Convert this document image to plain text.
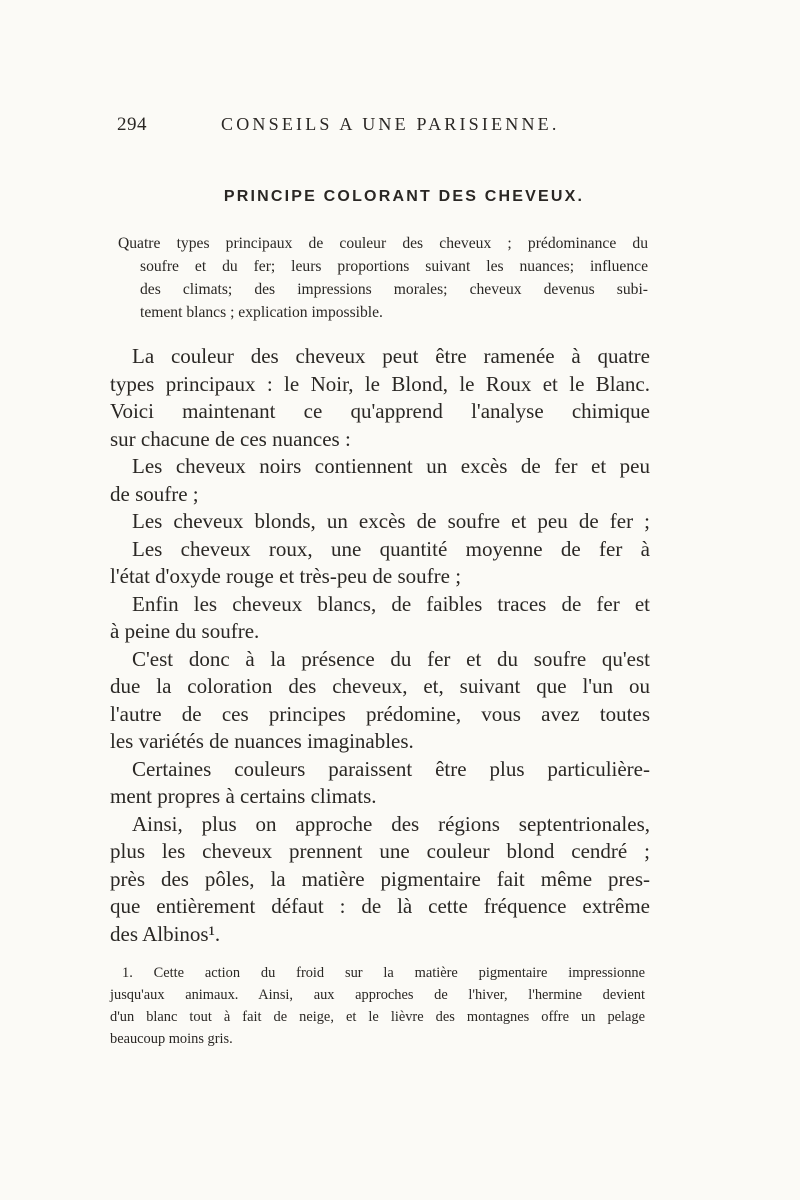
294	CONSEILS A UNE PARISIENNE.
PRINCIPE COLORANT DES CHEVEUX.
Quatre types principaux de couleur des cheveux ; prédominance du
soufre et du fer; leurs proportions suivant les nuances; influence
des climats; des impressions morales; cheveux devenus subi-
tement blancs ; explication impossible.
La couleur des cheveux peut être ramenée à quatre
types principaux : le Noir, le Blond, le Roux et le Blanc.
Voici maintenant ce qu'apprend l'analyse chimique
sur chacune de ces nuances :
Les cheveux noirs contiennent un excès de fer et peu
de soufre ;
Les cheveux blonds, un excès de soufre et peu de fer ;
Les cheveux roux, une quantité moyenne de fer à
l'état d'oxyde rouge et très-peu de soufre ;
Enfin les cheveux blancs, de faibles traces de fer et
à peine du soufre.
C'est donc à la présence du fer et du soufre qu'est
due la coloration des cheveux, et, suivant que l'un ou
l'autre de ces principes prédomine, vous avez toutes
les variétés de nuances imaginables.
Certaines couleurs paraissent être plus particulière-
ment propres à certains climats.
Ainsi, plus on approche des régions septentrionales,
plus les cheveux prennent une couleur blond cendré ;
près des pôles, la matière pigmentaire fait même pres-
que entièrement défaut : de là cette fréquence extrême
des Albinos¹.
1. Cette action du froid sur la matière pigmentaire impressionne
jusqu'aux animaux. Ainsi, aux approches de l'hiver, l'hermine devient
d'un blanc tout à fait de neige, et le lièvre des montagnes offre un pelage
beaucoup moins gris.
